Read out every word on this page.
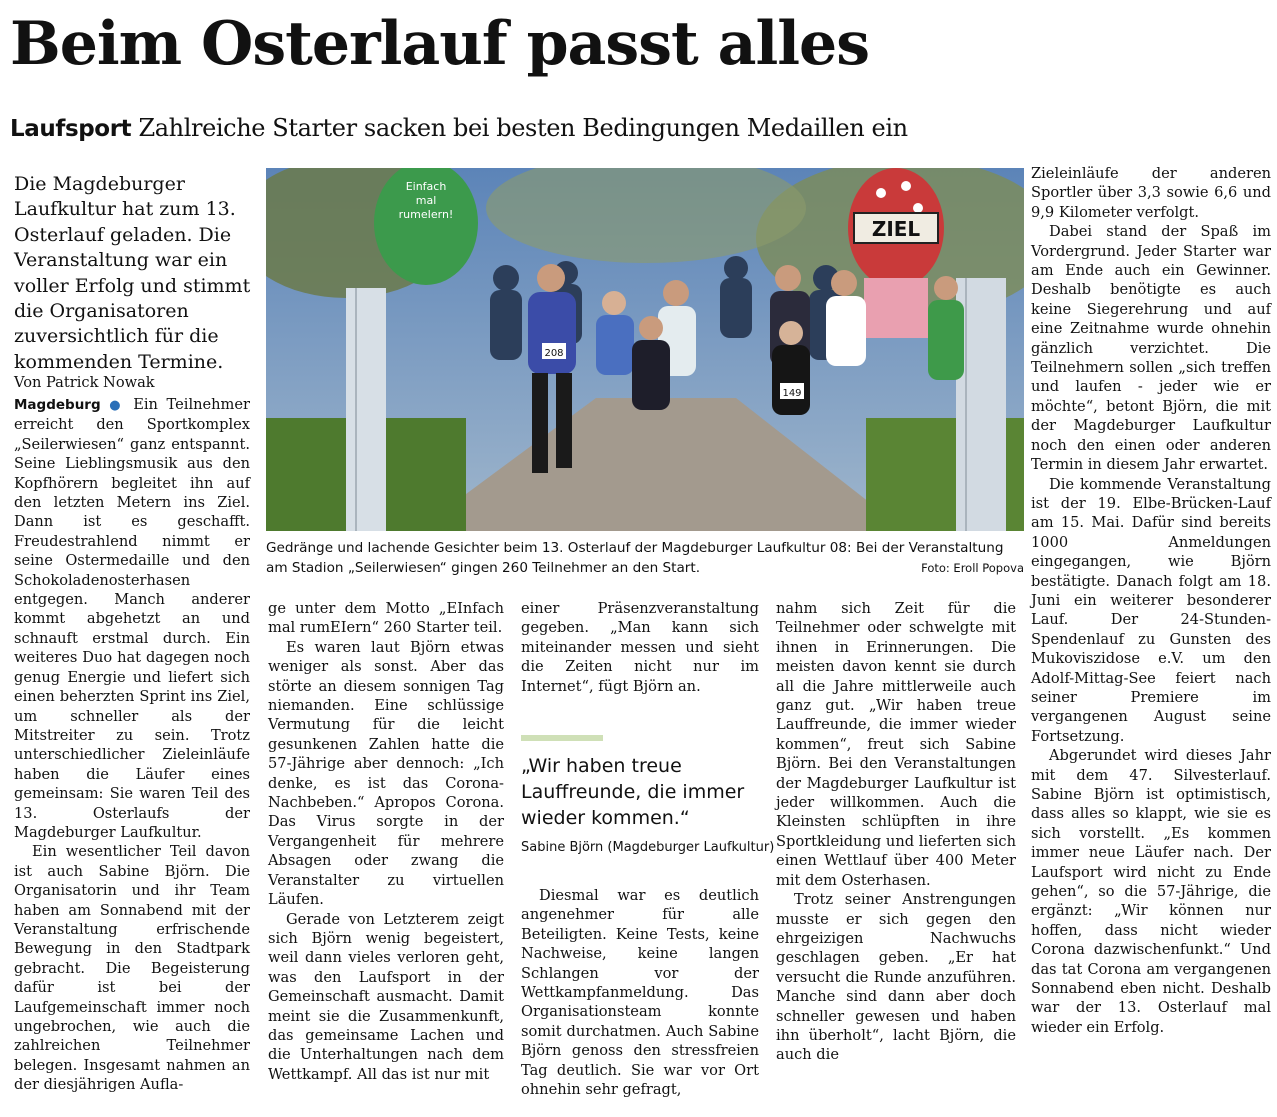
Beim Osterlauf passt alles
Laufsport Zahlreiche Starter sacken bei besten Bedingungen Medaillen ein

Die Magdeburger Laufkultur hat zum 13. Osterlauf geladen. Die Veranstaltung war ein voller Erfolg und stimmt die Organisatoren zuversichtlich für die kommenden Termine.

Von Patrick Nowak

Magdeburg ● Ein Teilnehmer erreicht den Sportkomplex „Seilerwiesen“ ganz entspannt. Seine Lieblingsmusik aus den Kopfhörern begleitet ihn auf den letzten Metern ins Ziel. Dann ist es geschafft. Freudestrahlend nimmt er seine Ostermedaille und den Schokoladenosterhasen entgegen. Manch anderer kommt abgehetzt an und schnauft erstmal durch. Ein weiteres Duo hat dagegen noch genug Energie und liefert sich einen beherzten Sprint ins Ziel, um schneller als der Mitstreiter zu sein. Trotz unterschiedlicher Zieleinläufe haben die Läufer eines gemeinsam: Sie waren Teil des 13. Osterlaufs der Magdeburger Laufkultur.

Ein wesentlicher Teil davon ist auch Sabine Björn. Die Organisatorin und ihr Team haben am Sonnabend mit der Veranstaltung erfrischende Bewegung in den Stadtpark gebracht. Die Begeisterung dafür ist bei der Laufgemeinschaft immer noch ungebrochen, wie auch die zahlreichen Teilnehmer belegen. Insgesamt nahmen an der diesjährigen Aufla-

Einfach
mal
rumeIern!
ZIEL
208
149
Gedränge und lachende Gesichter beim 13. Osterlauf der Magdeburger Laufkultur 08: Bei der Veranstaltung am Stadion „Seilerwiesen“ gingen 260 Teilnehmer an den Start.	Foto: Eroll Popova

ge unter dem Motto „EInfach mal rumEIern“ 260 Starter teil.

Es waren laut Björn etwas weniger als sonst. Aber das störte an diesem sonnigen Tag niemanden. Eine schlüssige Vermutung für die leicht gesunkenen Zahlen hatte die 57-Jährige aber dennoch: „Ich denke, es ist das Corona-Nachbeben.“ Apropos Corona. Das Virus sorgte in der Vergangenheit für mehrere Absagen oder zwang die Veranstalter zu virtuellen Läufen.

Gerade von Letzterem zeigt sich Björn wenig begeistert, weil dann vieles verloren geht, was den Laufsport in der Gemeinschaft ausmacht. Damit meint sie die Zusammenkunft, das gemeinsame Lachen und die Unterhaltungen nach dem Wettkampf. All das ist nur mit

einer Präsenzveranstaltung gegeben. „Man kann sich miteinander messen und sieht die Zeiten nicht nur im Internet“, fügt Björn an.

„Wir haben treue Lauffreunde, die immer wieder kommen.“

Sabine Björn (Magdeburger Laufkultur)

Diesmal war es deutlich angenehmer für alle Beteiligten. Keine Tests, keine Nachweise, keine langen Schlangen vor der Wettkampfanmeldung. Das Organisationsteam konnte somit durchatmen. Auch Sabine Björn genoss den stressfreien Tag deutlich. Sie war vor Ort ohnehin sehr gefragt,

nahm sich Zeit für die Teilnehmer oder schwelgte mit ihnen in Erinnerungen. Die meisten davon kennt sie durch all die Jahre mittlerweile auch ganz gut. „Wir haben treue Lauffreunde, die immer wieder kommen“, freut sich Sabine Björn. Bei den Veranstaltungen der Magdeburger Laufkultur ist jeder willkommen. Auch die Kleinsten schlüpften in ihre Sportkleidung und lieferten sich einen Wettlauf über 400 Meter mit dem Osterhasen.

Trotz seiner Anstrengungen musste er sich gegen den ehrgeizigen Nachwuchs geschlagen geben. „Er hat versucht die Runde anzuführen. Manche sind dann aber doch schneller gewesen und haben ihn überholt“, lacht Björn, die auch die

Zieleinläufe der anderen Sportler über 3,3 sowie 6,6 und 9,9 Kilometer verfolgt.

Dabei stand der Spaß im Vordergrund. Jeder Starter war am Ende auch ein Gewinner. Deshalb benötigte es auch keine Siegerehrung und auf eine Zeitnahme wurde ohnehin gänzlich verzichtet. Die Teilnehmern sollen „sich treffen und laufen - jeder wie er möchte“, betont Björn, die mit der Magdeburger Laufkultur noch den einen oder anderen Termin in diesem Jahr erwartet.

Die kommende Veranstaltung ist der 19. Elbe-Brücken-Lauf am 15. Mai. Dafür sind bereits 1000 Anmeldungen eingegangen, wie Björn bestätigte. Danach folgt am 18. Juni ein weiterer besonderer Lauf. Der 24-Stunden-Spendenlauf zu Gunsten des Mukoviszidose e.V. um den Adolf-Mittag-See feiert nach seiner Premiere im vergangenen August seine Fortsetzung.

Abgerundet wird dieses Jahr mit dem 47. Silvesterlauf. Sabine Björn ist optimistisch, dass alles so klappt, wie sie es sich vorstellt. „Es kommen immer neue Läufer nach. Der Laufsport wird nicht zu Ende gehen“, so die 57-Jährige, die ergänzt: „Wir können nur hoffen, dass nicht wieder Corona dazwischenfunkt.“ Und das tat Corona am vergangenen Sonnabend eben nicht. Deshalb war der 13. Osterlauf mal wieder ein Erfolg.
